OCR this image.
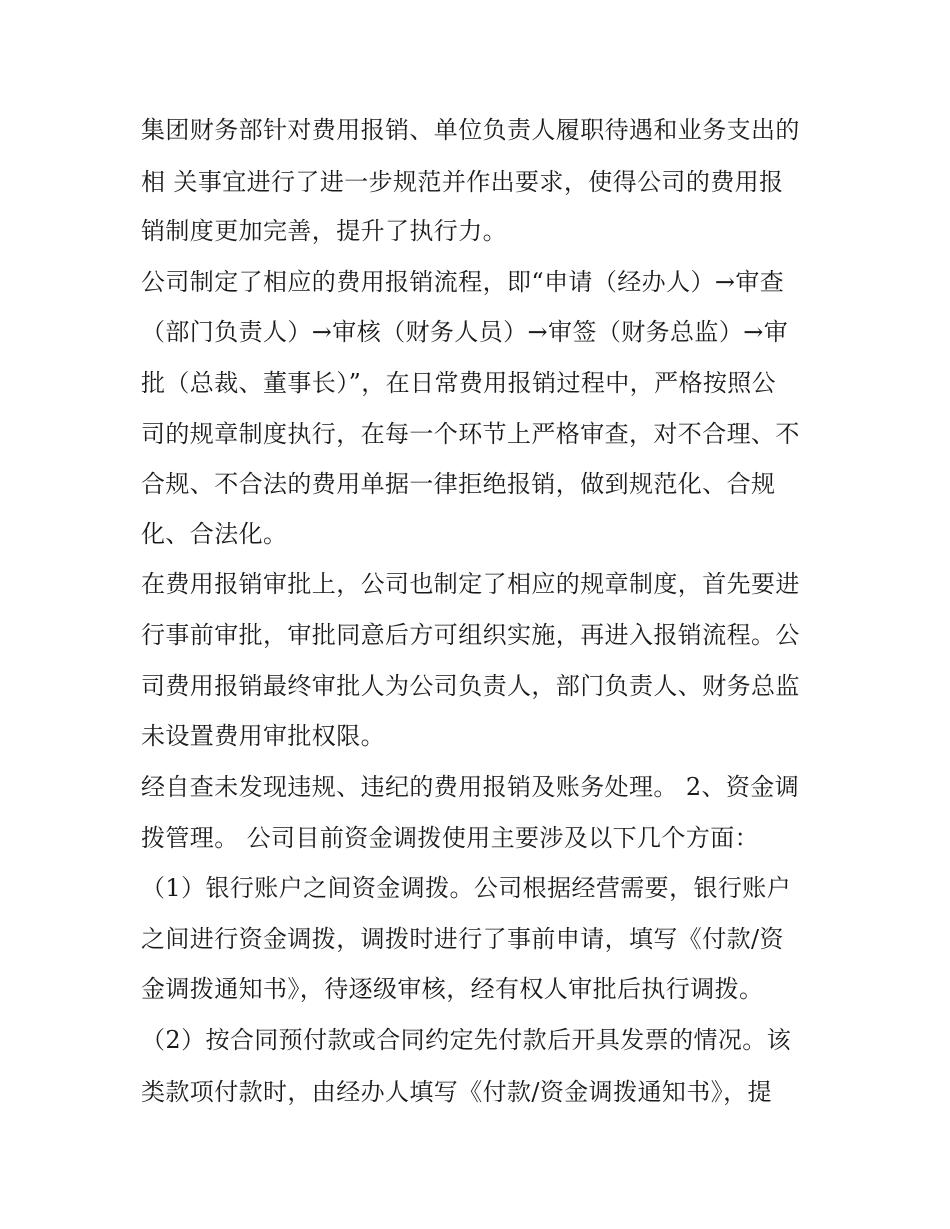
集团财务部针对费用报销、单位负责人履职待遇和业务支出的
相 关事宜进行了进一步规范并作出要求，使得公司的费用报
销制度更加完善，提升了执行力。
公司制定了相应的费用报销流程，即“申请（经办人）→审查
（部门负责人）→审核（财务人员）→审签（财务总监）→审
批（总裁、董事长）”，在日常费用报销过程中，严格按照公
司的规章制度执行，在每一个环节上严格审查，对不合理、不
合规、不合法的费用单据一律拒绝报销，做到规范化、合规
化、合法化。
在费用报销审批上，公司也制定了相应的规章制度，首先要进
行事前审批，审批同意后方可组织实施，再进入报销流程。公
司费用报销最终审批人为公司负责人，部门负责人、财务总监
未设置费用审批权限。
经自查未发现违规、违纪的费用报销及账务处理。 2、资金调
拨管理。 公司目前资金调拨使用主要涉及以下几个方面：
（1）银行账户之间资金调拨。公司根据经营需要，银行账户
之间进行资金调拨，调拨时进行了事前申请，填写《付款/资
金调拨通知书》，待逐级审核，经有权人审批后执行调拨。
（2）按合同预付款或合同约定先付款后开具发票的情况。该
类款项付款时，由经办人填写《付款/资金调拨通知书》，提
